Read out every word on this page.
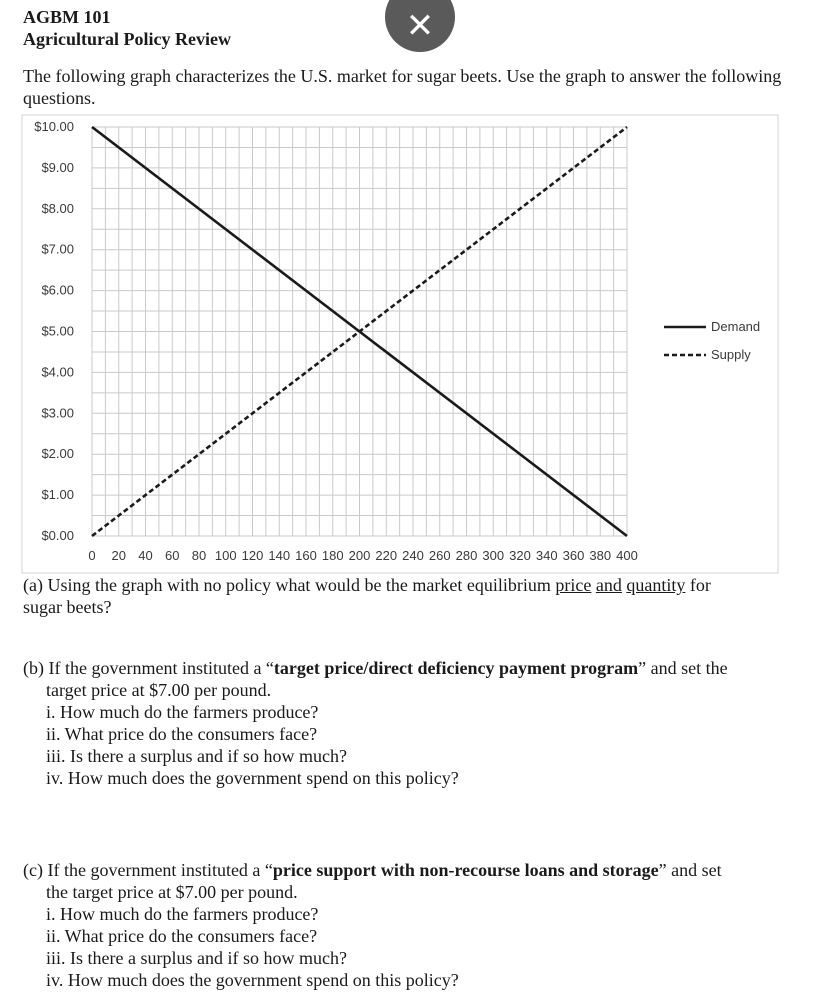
AGBM 101
Agricultural Policy Review	✕
The following graph characterizes the U.S. market for sugar beets. Use the graph to answer the following questions.
$0.00
$1.00
$2.00
$3.00
$4.00
$5.00
$6.00
$7.00
$8.00
$9.00
$10.00
0 20 40 60 80 100 120 140 160 180 200 220 240 260 280 300 320 340 360 380 400
Demand
Supply
(a) Using the graph with no policy what would be the market equilibrium price and quantity for
sugar beets?
(b) If the government instituted a “target price/direct deficiency payment program” and set the
target price at $7.00 per pound.
i. How much do the farmers produce?
ii. What price do the consumers face?
iii. Is there a surplus and if so how much?
iv. How much does the government spend on this policy?
(c) If the government instituted a “price support with non-recourse loans and storage” and set
the target price at $7.00 per pound.
i. How much do the farmers produce?
ii. What price do the consumers face?
iii. Is there a surplus and if so how much?
iv. How much does the government spend on this policy?
